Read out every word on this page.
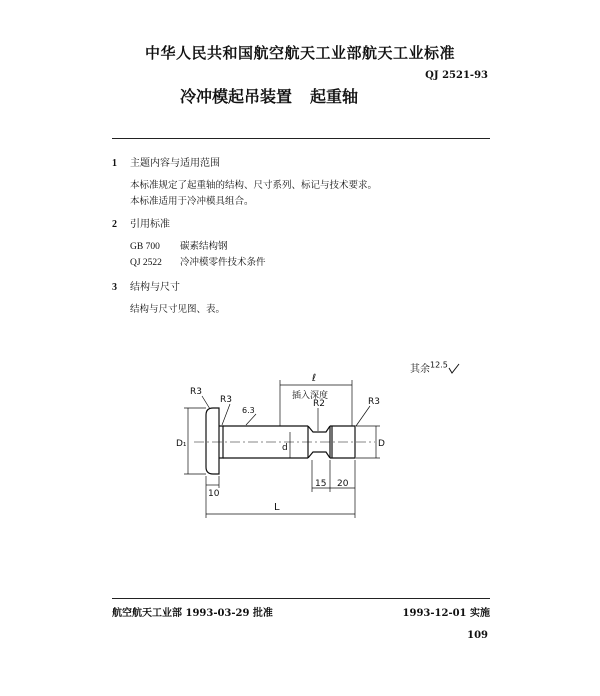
中华人民共和国航空航天工业部航天工业标准
QJ 2521-93
冷冲模起吊装置 起重轴
1 主题内容与适用范围
本标准规定了起重轴的结构、尺寸系列、标记与技术要求。
本标准适用于冷冲模具组合。
2 引用标准
GB 700 碳素结构钢
QJ 2522 冷冲模零件技术条件
3 结构与尺寸
结构与尺寸见图、表。
其余$^{12.5}$
R3
R3
6.3
ℓ
插入深度
R2	R3
D₁	d	D
10
15 20
L
航空航天工业部 1993-03-29 批准	1993-12-01 实施
109
